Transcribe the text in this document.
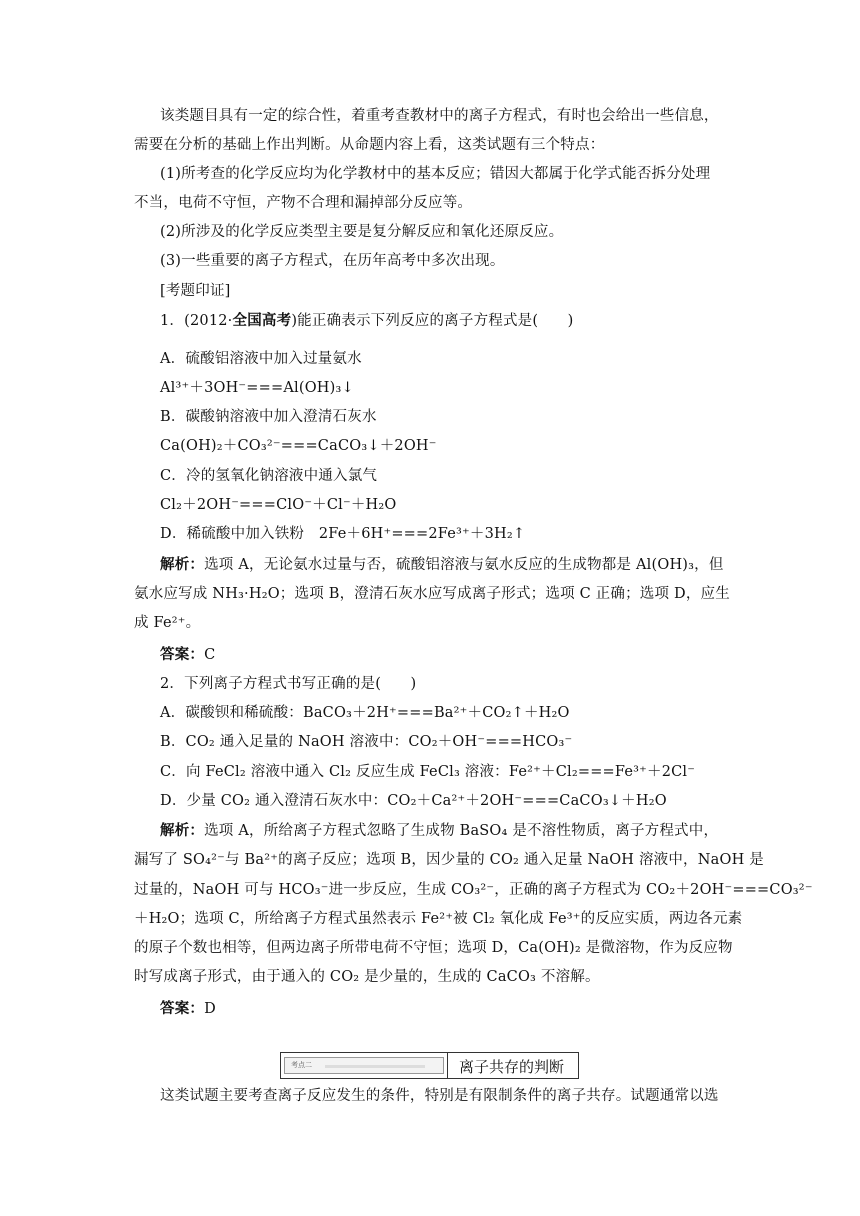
该类题目具有一定的综合性，着重考查教材中的离子方程式，有时也会给出一些信息，
需要在分析的基础上作出判断。从命题内容上看，这类试题有三个特点：
(1)所考查的化学反应均为化学教材中的基本反应；错因大都属于化学式能否拆分处理
不当，电荷不守恒，产物不合理和漏掉部分反应等。
(2)所涉及的化学反应类型主要是复分解反应和氧化还原反应。
(3)一些重要的离子方程式，在历年高考中多次出现。
[考题印证]
1．(2012·全国高考)能正确表示下列反应的离子方程式是(　　)
A．硫酸铝溶液中加入过量氨水
Al³⁺＋3OH⁻===Al(OH)₃↓
B．碳酸钠溶液中加入澄清石灰水
Ca(OH)₂＋CO₃²⁻===CaCO₃↓＋2OH⁻
C．冷的氢氧化钠溶液中通入氯气
Cl₂＋2OH⁻===ClO⁻＋Cl⁻＋H₂O
D．稀硫酸中加入铁粉　2Fe＋6H⁺===2Fe³⁺＋3H₂↑
解析：选项 A，无论氨水过量与否，硫酸铝溶液与氨水反应的生成物都是 Al(OH)₃，但
氨水应写成 NH₃·H₂O；选项 B，澄清石灰水应写成离子形式；选项 C 正确；选项 D，应生
成 Fe²⁺。
答案：C
2．下列离子方程式书写正确的是(　　)
A．碳酸钡和稀硫酸：BaCO₃＋2H⁺===Ba²⁺＋CO₂↑＋H₂O
B．CO₂ 通入足量的 NaOH 溶液中：CO₂＋OH⁻===HCO₃⁻
C．向 FeCl₂ 溶液中通入 Cl₂ 反应生成 FeCl₃ 溶液：Fe²⁺＋Cl₂===Fe³⁺＋2Cl⁻
D．少量 CO₂ 通入澄清石灰水中：CO₂＋Ca²⁺＋2OH⁻===CaCO₃↓＋H₂O
解析：选项 A，所给离子方程式忽略了生成物 BaSO₄ 是不溶性物质，离子方程式中，
漏写了 SO₄²⁻与 Ba²⁺的离子反应；选项 B，因少量的 CO₂ 通入足量 NaOH 溶液中，NaOH 是
过量的，NaOH 可与 HCO₃⁻进一步反应，生成 CO₃²⁻，正确的离子方程式为 CO₂＋2OH⁻===CO₃²⁻
＋H₂O；选项 C，所给离子方程式虽然表示 Fe²⁺被 Cl₂ 氧化成 Fe³⁺的反应实质，两边各元素
的原子个数也相等，但两边离子所带电荷不守恒；选项 D，Ca(OH)₂ 是微溶物，作为反应物
时写成离子形式，由于通入的 CO₂ 是少量的，生成的 CaCO₃ 不溶解。
答案：D
考点二	离子共存的判断
这类试题主要考查离子反应发生的条件，特别是有限制条件的离子共存。试题通常以选
